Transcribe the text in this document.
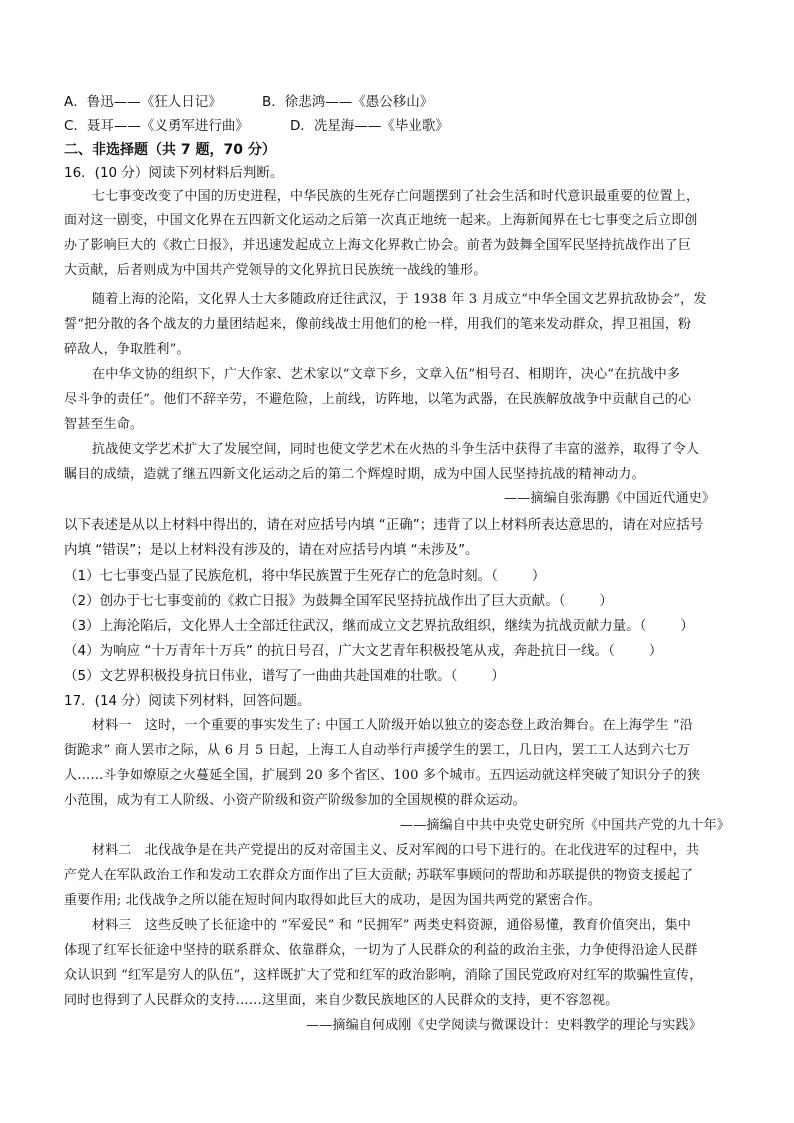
A．鲁迅——《狂人日记》	B．徐悲鸿——《愚公移山》
C．聂耳——《义勇军进行曲》	D．冼星海——《毕业歌》
二、非选择题（共 7 题，70 分）
16．(10 分）阅读下列材料后判断。
七七事变改变了中国的历史进程，中华民族的生死存亡问题摆到了社会生活和时代意识最重要的位置上，
面对这一剧变，中国文化界在五四新文化运动之后第一次真正地统一起来。上海新闻界在七七事变之后立即创
办了影响巨大的《救亡日报》，并迅速发起成立上海文化界救亡协会。前者为鼓舞全国军民坚持抗战作出了巨
大贡献，后者则成为中国共产党领导的文化界抗日民族统一战线的雏形。
随着上海的沦陷，文化界人士大多随政府迁往武汉，于 1938 年 3 月成立“中华全国文艺界抗敌协会”，发
誓“把分散的各个战友的力量团结起来，像前线战士用他们的枪一样，用我们的笔来发动群众，捍卫祖国，粉
碎敌人，争取胜利”。
在中华文协的组织下，广大作家、艺术家以“文章下乡，文章入伍”相号召、相期许，决心“在抗战中多
尽斗争的责任”。他们不辞辛劳，不避危险，上前线，访阵地，以笔为武器，在民族解放战争中贡献自己的心
智甚至生命。
抗战使文学艺术扩大了发展空间，同时也使文学艺术在火热的斗争生活中获得了丰富的滋养，取得了令人
瞩目的成绩，造就了继五四新文化运动之后的第二个辉煌时期，成为中国人民坚持抗战的精神动力。
——摘编自张海鹏《中国近代通史》
以下表述是从以上材料中得出的，请在对应括号内填 “正确”；违背了以上材料所表达意思的，请在对应括号
内填 “错误”；是以上材料没有涉及的，请在对应括号内填 “未涉及”。
（1）七七事变凸显了民族危机，将中华民族置于生死存亡的危急时刻。（	）
（2）创办于七七事变前的《救亡日报》为鼓舞全国军民坚持抗战作出了巨大贡献。（	）
（3）上海沦陷后，文化界人士全部迁往武汉，继而成立文艺界抗敌组织，继续为抗战贡献力量。（	）
（4）为响应 “十万青年十万兵” 的抗日号召，广大文艺青年积极投笔从戎，奔赴抗日一线。（	）
（5）文艺界积极投身抗日伟业，谱写了一曲曲共赴国难的壮歌。（	）
17．(14 分）阅读下列材料，回答问题。
材料一　这时，一个重要的事实发生了: 中国工人阶级开始以独立的姿态登上政治舞台。在上海学生 “沿
街跪求” 商人罢市之际，从 6 月 5 日起，上海工人自动举行声援学生的罢工，几日内，罢工工人达到六七万
人……斗争如燎原之火蔓延全国，扩展到 20 多个省区、100 多个城市。五四运动就这样突破了知识分子的狭
小范围，成为有工人阶级、小资产阶级和资产阶级参加的全国规模的群众运动。
——摘编自中共中央党史研究所《中国共产党的九十年》
材料二　北伐战争是在共产党提出的反对帝国主义、反对军阀的口号下进行的。在北伐进军的过程中，共
产党人在军队政治工作和发动工农群众方面作出了巨大贡献; 苏联军事顾问的帮助和苏联提供的物资支援起了
重要作用; 北伐战争之所以能在短时间内取得如此巨大的成功，是因为国共两党的紧密合作。
材料三　这些反映了长征途中的 “军爱民” 和 “民拥军” 两类史料资源，通俗易懂，教育价值突出，集中
体现了红军长征途中坚持的联系群众、依靠群众，一切为了人民群众的利益的政治主张，力争使得沿途人民群
众认识到 “红军是穷人的队伍”，这样既扩大了党和红军的政治影响，消除了国民党政府对红军的欺骗性宣传，
同时也得到了人民群众的支持……这里面，来自少数民族地区的人民群众的支持，更不容忽视。
——摘编自何成刚《史学阅读与微课设计：史料教学的理论与实践》
